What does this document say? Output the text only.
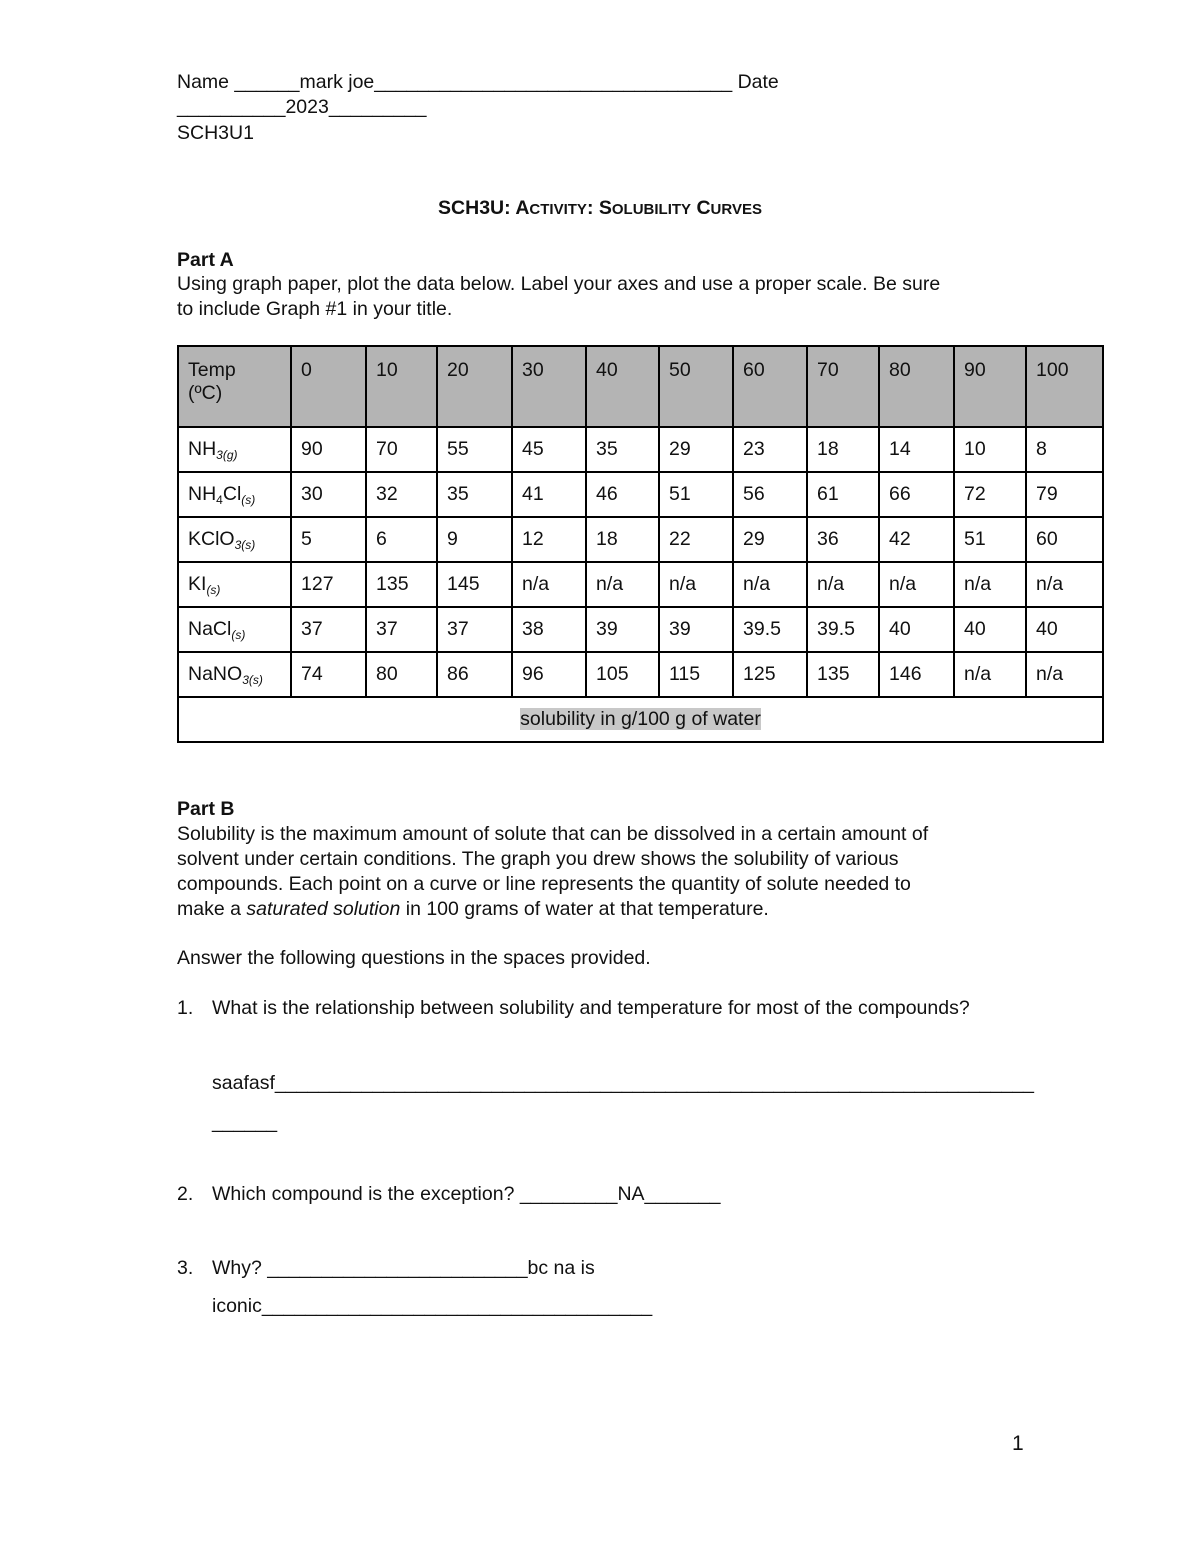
Name ______mark joe_________________________________ Date
__________2023_________
SCH3U1
SCH3U: ACTIVITY: SOLUBILITY CURVES
Part A
Using graph paper, plot the data below. Label your axes and use a proper scale. Be sure
to include Graph #1 in your title.
Temp
(ºC)	0	10	20	30	40	50	60	70	80	90	100
$NH_{3(g)}$	90	70	55	45	35	29	23	18	14	10	8
$NH_4Cl_{(s)}$	30	32	35	41	46	51	56	61	66	72	79
KClO$_{3(s)}$	5	6	9	12	18	22	29	36	42	51	60
$KI_{(s)}$	127	135	145	n/a	n/a	n/a	n/a	n/a	n/a	n/a	n/a
NaCl$_{(s)}$	37	37	37	38	39	39	39.5	39.5	40	40	40
NaNO$_{3(s)}$	74	80	86	96	105	115	125	135	146	n/a	n/a
solubility in g/100 g of water											
Part B
Solubility is the maximum amount of solute that can be dissolved in a certain amount of
solvent under certain conditions. The graph you drew shows the solubility of various
compounds. Each point on a curve or line represents the quantity of solute needed to
make a saturated solution in 100 grams of water at that temperature.
Answer the following questions in the spaces provided.
1. What is the relationship between solubility and temperature for most of the compounds?
saafasf______________________________________________________________________
______
2. Which compound is the exception? _________NA_______
3. Why? ________________________bc na is
iconic____________________________________
1
